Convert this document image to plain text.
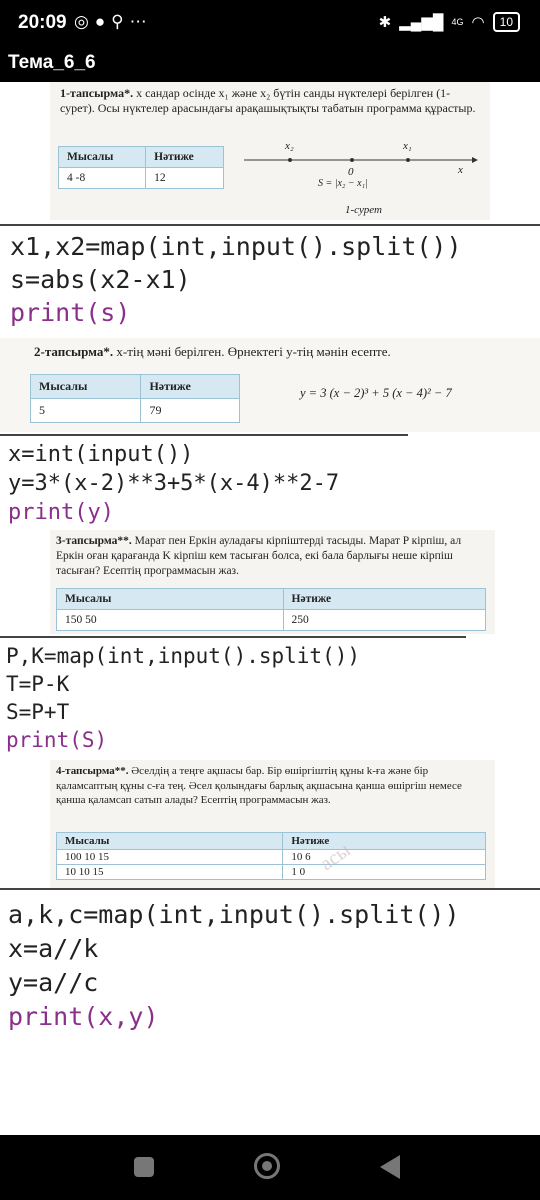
20:09 ◎●⚲⋯	✱ ▂▄▆█ 4G ◠	10
Тема_6_6
1-тапсырма*. x сандар осінде x₁ және x₂ бүтін санды нүктелері берілген (1-сурет). Осы нүктелер арасындағы арақашықтықты табатын программа құрастыр.
Мысалы	Нәтиже
4 -8	12
x₂	x₁
0	x
S = |x₂ − x₁|
1-сурет
x1,x2=map(int,input().split())
s=abs(x2-x1)
print(s)
2-тапсырма*. x-тің мәні берілген. Өрнектегі y-тің мәнін есепте.
Мысалы	Нәтиже
5	79
y = 3 (x − 2)³ + 5 (x − 4)² − 7
x=int(input())
y=3*(x-2)**3+5*(x-4)**2-7
print(y)
3-тапсырма**. Марат пен Еркін ауладағы кірпіштерді тасыды. Марат P кірпіш, ал Еркін оған қарағанда K кірпіш кем тасыған болса, екі бала барлығы неше кірпіш тасыған? Есептің программасын жаз.
Мысалы	Нәтиже
150 50	250
P,K=map(int,input().split())
T=P-K
S=P+T
print(S)
4-тапсырма**. Әселдің a теңге ақшасы бар. Бір өшіргіштің құны k-ға және бір қаламсаптың құны c-ға тең. Әсел қолындағы барлық ақшасына қанша өшіргіш немесе қанша қаламсап сатып алады? Есептің программасын жаз.
Мысалы	Нәтиже
100 10 15	10 6
10 10 15	1 0 асы
a,k,c=map(int,input().split())
x=a//k
y=a//c
print(x,y)
